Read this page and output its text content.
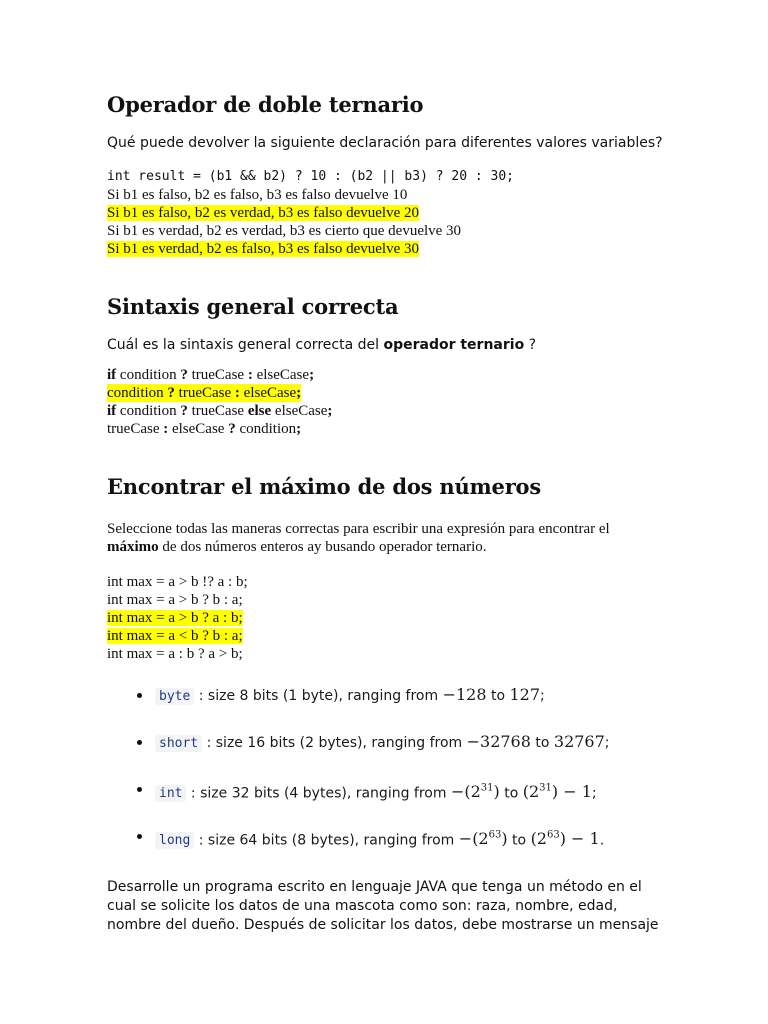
Operador de doble ternario

Qué puede devolver la siguiente declaración para diferentes valores variables?

int result = (b1 && b2) ? 10 : (b2 || b3) ? 20 : 30;
Si b1 es falso, b2 es falso, b3 es falso devuelve 10
Si b1 es falso, b2 es verdad, b3 es falso devuelve 20
Si b1 es verdad, b2 es verdad, b3 es cierto que devuelve 30
Si b1 es verdad, b2 es falso, b3 es falso devuelve 30
Sintaxis general correcta

Cuál es la sintaxis general correcta del operador ternario ?

if condition ? trueCase : elseCase;
condition ? trueCase : elseCase;
if condition ? trueCase else elseCase;
trueCase : elseCase ? condition;
Encontrar el máximo de dos números

Seleccione todas las maneras correctas para escribir una expresión para encontrar el
máximo de dos números enteros ay busando operador ternario.

int max = a > b !? a : b;
int max = a > b ? b : a;
int max = a > b ? a : b;
int max = a < b ? b : a;
int max = a : b ? a > b;
byte : size 8 bits (1 byte), ranging from −128 to 127;
short : size 16 bits (2 bytes), ranging from −32768 to 32767;
int : size 32 bits (4 bytes), ranging from $-(2^{31})$ to $(2^{31}) - 1$;
long : size 64 bits (8 bytes), ranging from $-(2^{63})$ to $(2^{63}) - 1$.

Desarrolle un programa escrito en lenguaje JAVA que tenga un método en el cual se solicite los datos de una mascota como son: raza, nombre, edad, nombre del dueño. Después de solicitar los datos, debe mostrarse un mensaje
